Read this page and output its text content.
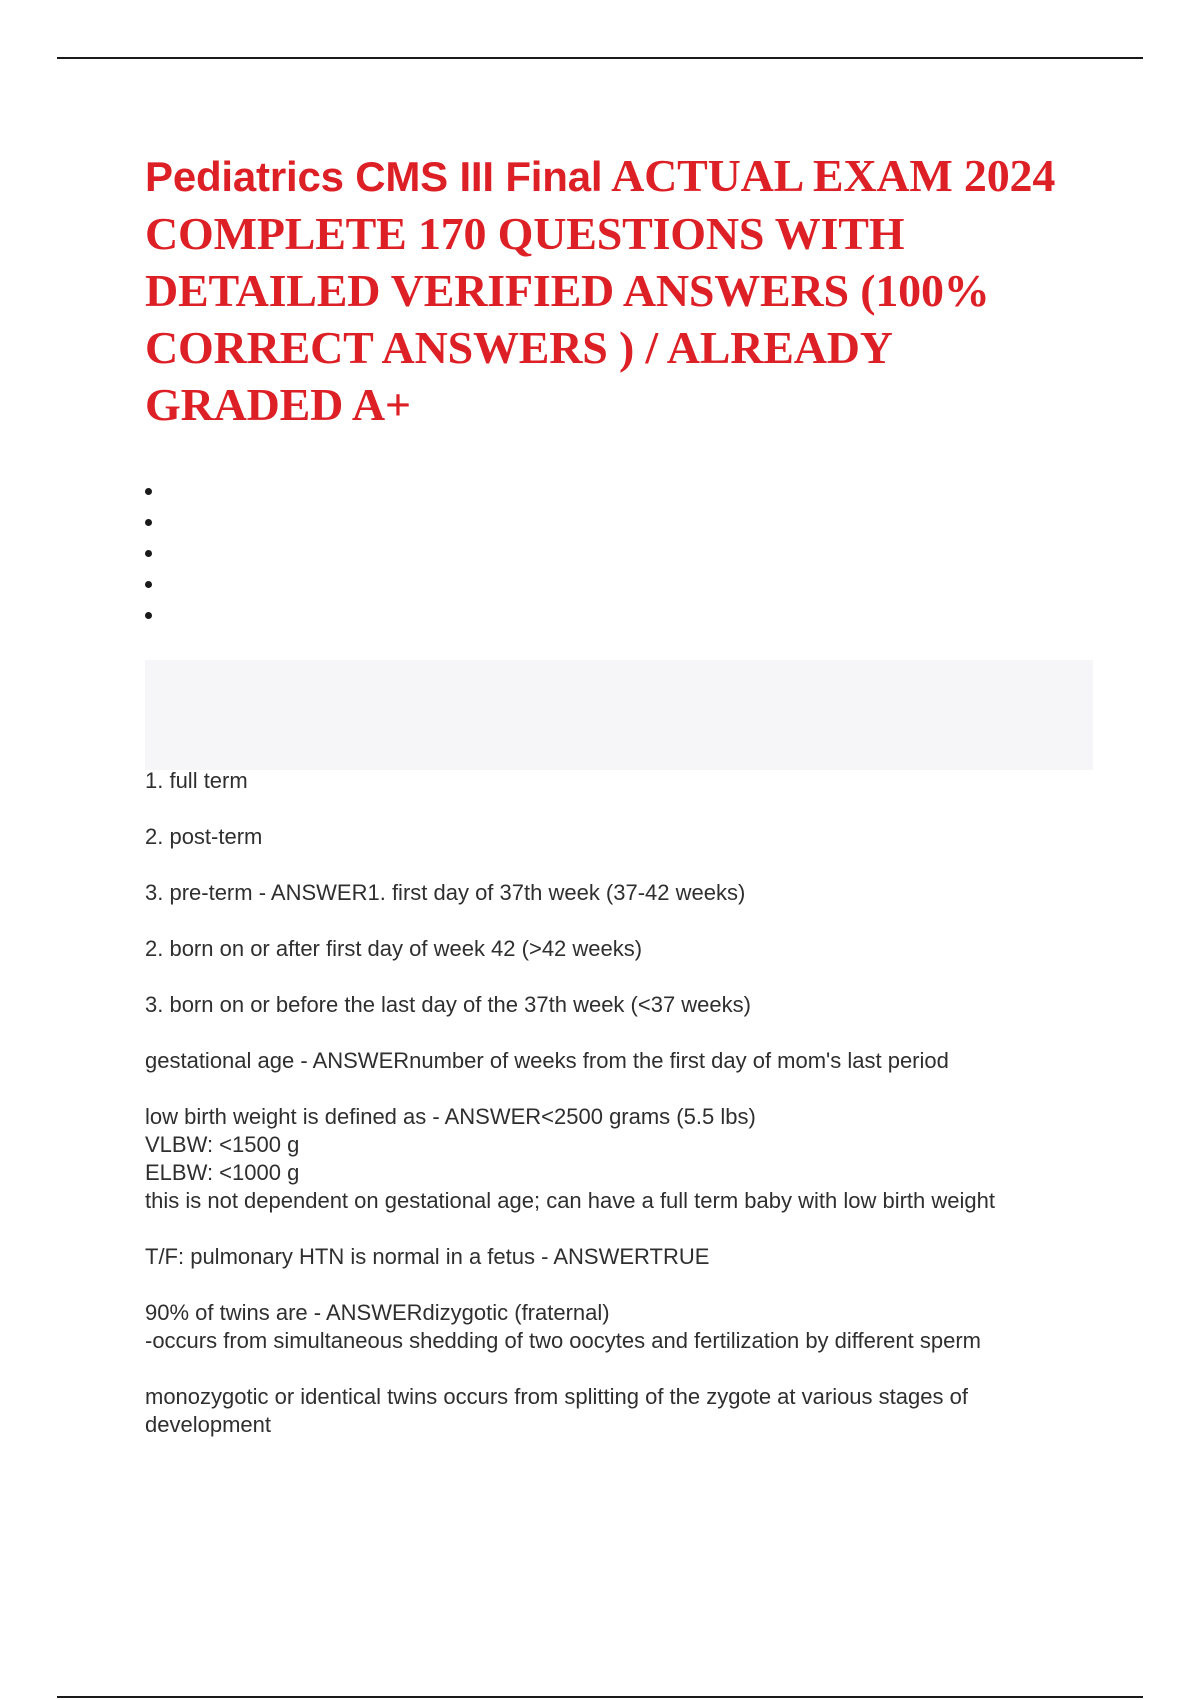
Pediatrics CMS III Final ACTUAL EXAM 2024 COMPLETE 170 QUESTIONS WITH DETAILED VERIFIED ANSWERS (100% CORRECT ANSWERS ) / ALREADY GRADED A+
1. full term
2. post-term
3. pre-term - ANSWER1. first day of 37th week (37-42 weeks)
2. born on or after first day of week 42 (>42 weeks)
3. born on or before the last day of the 37th week (<37 weeks)
gestational age - ANSWERnumber of weeks from the first day of mom's last period
low birth weight is defined as - ANSWER<2500 grams (5.5 lbs)
VLBW: <1500 g
ELBW: <1000 g
this is not dependent on gestational age; can have a full term baby with low birth weight
T/F: pulmonary HTN is normal in a fetus - ANSWERTRUE
90% of twins are - ANSWERdizygotic (fraternal)
-occurs from simultaneous shedding of two oocytes and fertilization by different sperm
monozygotic or identical twins occurs from splitting of the zygote at various stages of development
